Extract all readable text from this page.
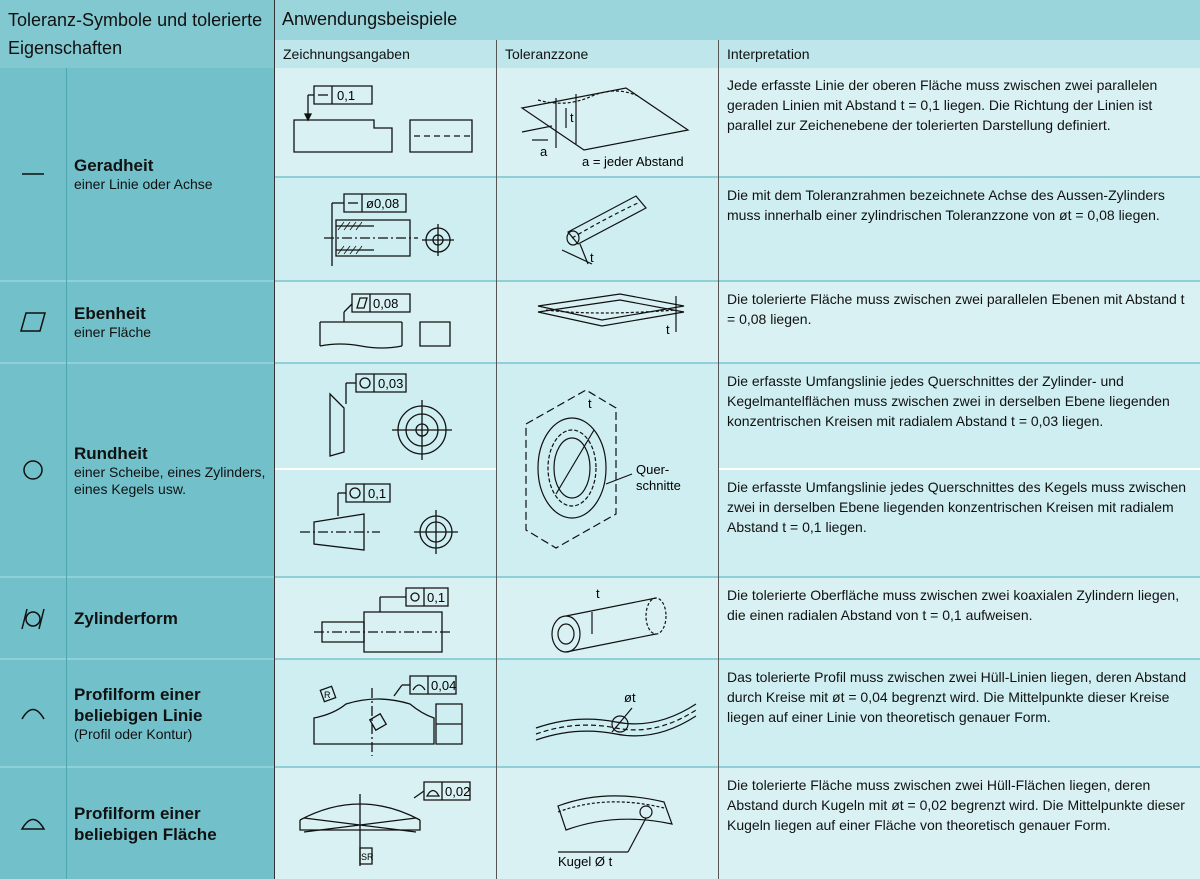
Toleranz-Symbole und tolerierte Eigenschaften
Anwendungsbeispiele
Zeichnungsangaben	Toleranzzone	Interpretation
Geradheit
einer Linie oder Achse
Ebenheit
einer Fläche
Rundheit
einer Scheibe, eines Zylinders, eines Kegels usw.
Zylinderform
Profilform einer beliebigen Linie
(Profil oder Kontur)
Profilform einer beliebigen Fläche
Jede erfasste Linie der oberen Fläche muss zwischen zwei parallelen geraden Linien mit Abstand t = 0,1 liegen. Die Richtung der Linien ist parallel zur Zeichenebene der tolerierten Darstellung definiert.
Die mit dem Toleranzrahmen bezeichnete Achse des Aussen-Zylinders muss innerhalb einer zylindrischen Toleranzzone von øt = 0,08 liegen.
Die tolerierte Fläche muss zwischen zwei parallelen Ebenen mit Abstand t = 0,08 liegen.
Die erfasste Umfangslinie jedes Querschnittes der Zylinder- und Kegelmantelflächen muss zwischen zwei in derselben Ebene liegenden konzentrischen Kreisen mit radialem Abstand t = 0,03 liegen.
Die erfasste Umfangslinie jedes Querschnittes des Kegels muss zwischen zwei in derselben Ebene liegenden konzentrischen Kreisen mit radialem Abstand t = 0,1 liegen.
Die tolerierte Oberfläche muss zwischen zwei koaxialen Zylindern liegen, die einen radialen Abstand von t = 0,1 aufweisen.
Das tolerierte Profil muss zwischen zwei Hüll-Linien liegen, deren Abstand durch Kreise mit øt = 0,04 begrenzt wird. Die Mittelpunkte dieser Kreise liegen auf einer Linie von theoretisch genauer Form.
Die tolerierte Fläche muss zwischen zwei Hüll-Flächen liegen, deren Abstand durch Kugeln mit øt = 0,02 begrenzt wird. Die Mittelpunkte dieser Kugeln liegen auf einer Fläche von theoretisch genauer Form.
0,1
ø0,08
0,08
0,03
0,1
0,1
0,04
R
0,02
SR
a
t
a = jeder Abstand
t
t
Quer-
schnitte
t
t
øt
Kugel Ø t
